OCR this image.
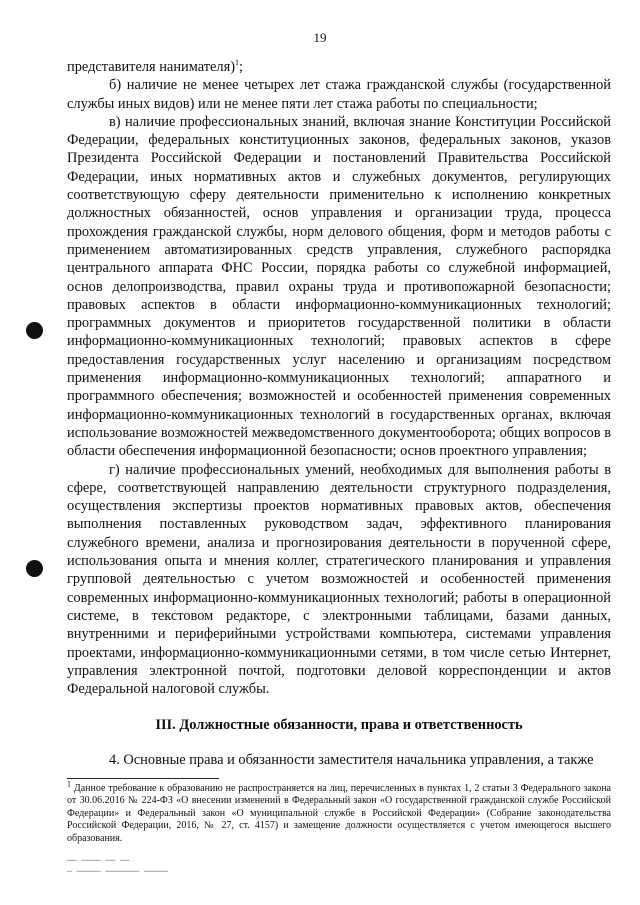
19

представителя нанимателя)$^1$;

б) наличие не менее четырех лет стажа гражданской службы (государственной службы иных видов) или не менее пяти лет стажа работы по специальности;

в) наличие профессиональных знаний, включая знание Конституции Российской Федерации, федеральных конституционных законов, федеральных законов, указов Президента Российской Федерации и постановлений Правительства Российской Федерации, иных нормативных актов и служебных документов, регулирующих соответствующую сферу деятельности применительно к исполнению конкретных должностных обязанностей, основ управления и организации труда, процесса прохождения гражданской службы, норм делового общения, форм и методов работы с применением автоматизированных средств управления, служебного распорядка центрального аппарата ФНС России, порядка работы со служебной информацией, основ делопроизводства, правил охраны труда и противопожарной безопасности; правовых аспектов в области информационно-коммуникационных технологий; программных документов и приоритетов государственной политики в области информационно-коммуникационных технологий; правовых аспектов в сфере предоставления государственных услуг населению и организациям посредством применения информационно-коммуникационных технологий; аппаратного и программного обеспечения; возможностей и особенностей применения современных информационно-коммуникационных технологий в государственных органах, включая использование возможностей межведомственного документооборота; общих вопросов в области обеспечения информационной безопасности; основ проектного управления;

г) наличие профессиональных умений, необходимых для выполнения работы в сфере, соответствующей направлению деятельности структурного подразделения, осуществления экспертизы проектов нормативных правовых актов, обеспечения выполнения поставленных руководством задач, эффективного планирования служебного времени, анализа и прогнозирования деятельности в порученной сфере, использования опыта и мнения коллег, стратегического планирования и управления групповой деятельностью с учетом возможностей и особенностей применения современных информационно-коммуникационных технологий; работы в операционной системе, в текстовом редакторе, с электронными таблицами, базами данных, внутренними и периферийными устройствами компьютера, системами управления проектами, информационно-коммуникационными сетями, в том числе сетью Интернет, управления электронной почтой, подготовки деловой корреспонденции и актов Федеральной налоговой службы.

III. Должностные обязанности, права и ответственность

4. Основные права и обязанности заместителя начальника управления, а также

$^1$ Данное требование к образованию не распространяется на лиц, перечисленных в пунктах 1, 2 статьи 3 Федерального закона от 30.06.2016 № 224-ФЗ «О внесении изменений в Федеральный закон «О государственной гражданской службе Российской Федерации» и Федеральный закон «О муниципальной службе в Российской Федерации» (Собрание законодательства Российской Федерации, 2016, № 27, ст. 4157) и замещение должности осуществляется с учетом имеющегося высшего образования.
▁▁ ▁▁▁▁ ▁▁ ▁▁
▁ ▁▁▁▁▁ ▁▁▁▁▁▁▁ ▁▁▁▁▁
